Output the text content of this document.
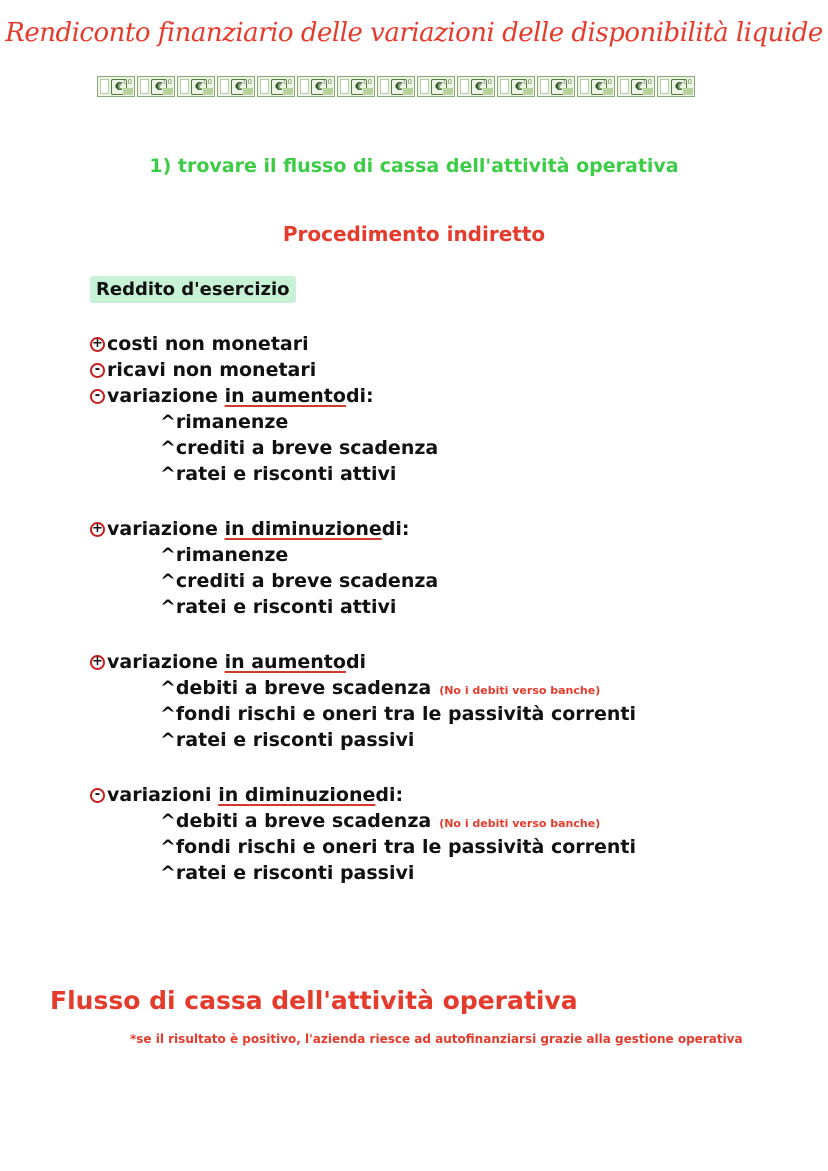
Rendiconto finanziario delle variazioni delle disponibilità liquide
€ 00	€ 00	€ 00	€ 00	€ 00	€ 00	€ 00	€ 00	€ 00	€ 00	€ 00	€ 00	€ 00	€ 00	€ 00
1) trovare il flusso di cassa dell'attività operativa
Procedimento indiretto
Reddito d'esercizio
+ costi non monetari
- ricavi non monetari
- variazione
in aumento di:
^rimanenze
^crediti a breve scadenza
^ratei e risconti attivi
+ variazione
in diminuzione di:
^rimanenze
^crediti a breve scadenza
^ratei e risconti attivi
+ variazione
in aumento di
^debiti a breve scadenza (No i debiti verso banche)
^fondi rischi e oneri tra le passività correnti
^ratei e risconti passivi
- variazioni
in diminuzione di:
^debiti a breve scadenza (No i debiti verso banche)
^fondi rischi e oneri tra le passività correnti
^ratei e risconti passivi
Flusso di cassa dell'attività operativa
*se il risultato è positivo, l'azienda riesce ad autofinanziarsi grazie alla gestione operativa
